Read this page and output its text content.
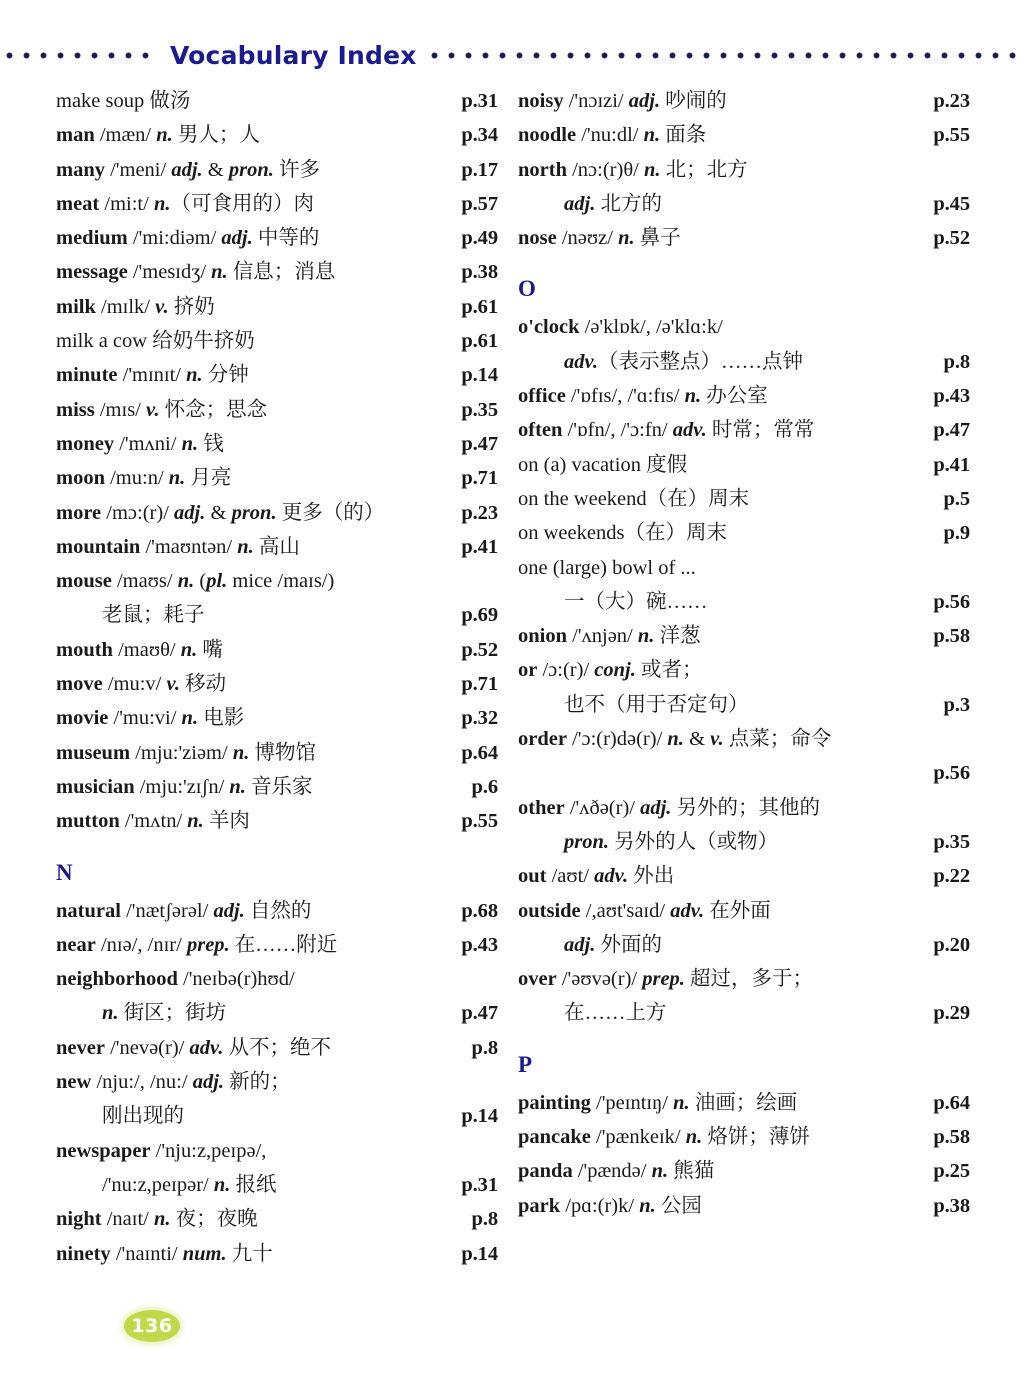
Vocabulary Index
make soup 做汤	p.31
man /mæn/ n. 男人；人	p.34
many /'meni/ adj. & pron. 许多	p.17
meat /mi:t/ n.（可食用的）肉	p.57
medium /'mi:diəm/ adj. 中等的	p.49
message /'mesɪdʒ/ n. 信息；消息	p.38
milk /mɪlk/ v. 挤奶	p.61
milk a cow 给奶牛挤奶	p.61
minute /'mɪnɪt/ n. 分钟	p.14
miss /mɪs/ v. 怀念；思念	p.35
money /'mʌni/ n. 钱	p.47
moon /mu:n/ n. 月亮	p.71
more /mɔ:(r)/ adj. & pron. 更多（的）	p.23
mountain /'maʊntən/ n. 高山	p.41
mouse /maʊs/ n. (pl. mice /maɪs/)
老鼠；耗子	p.69
mouth /maʊθ/ n. 嘴	p.52
move /mu:v/ v. 移动	p.71
movie /'mu:vi/ n. 电影	p.32
museum /mju:'ziəm/ n. 博物馆	p.64
musician /mju:'zɪʃn/ n. 音乐家	p.6
mutton /'mʌtn/ n. 羊肉	p.55
N
natural /'nætʃərəl/ adj. 自然的	p.68
near /nɪə/, /nɪr/ prep. 在……附近	p.43
neighborhood /'neɪbə(r)hʊd/
n. 街区；街坊	p.47
never /'nevə(r)/ adv. 从不；绝不	p.8
new /nju:/, /nu:/ adj. 新的；
刚出现的	p.14
newspaper /'nju:z,peɪpə/,
/'nu:z,peɪpər/ n. 报纸	p.31
night /naɪt/ n. 夜；夜晚	p.8
ninety /'naɪnti/ num. 九十	p.14
noisy /'nɔɪzi/ adj. 吵闹的	p.23
noodle /'nu:dl/ n. 面条	p.55
north /nɔ:(r)θ/ n. 北；北方
adj. 北方的	p.45
nose /nəʊz/ n. 鼻子	p.52
O
o'clock /ə'klɒk/, /ə'klɑ:k/
adv.（表示整点）……点钟	p.8
office /'ɒfɪs/, /'ɑ:fɪs/ n. 办公室	p.43
often /'ɒfn/, /'ɔ:fn/ adv. 时常；常常	p.47
on (a) vacation 度假	p.41
on the weekend（在）周末	p.5
on weekends（在）周末	p.9
one (large) bowl of ...
一（大）碗……	p.56
onion /'ʌnjən/ n. 洋葱	p.58
or /ɔ:(r)/ conj. 或者；
也不（用于否定句）	p.3
order /'ɔ:(r)də(r)/ n. & v. 点菜；命令
p.56
other /'ʌðə(r)/ adj. 另外的；其他的
pron. 另外的人（或物）	p.35
out /aʊt/ adv. 外出	p.22
outside /,aʊt'saɪd/ adv. 在外面
adj. 外面的	p.20
over /'əʊvə(r)/ prep. 超过，多于；
在……上方	p.29
P
painting /'peɪntɪŋ/ n. 油画；绘画	p.64
pancake /'pænkeɪk/ n. 烙饼；薄饼	p.58
panda /'pændə/ n. 熊猫	p.25
park /pɑ:(r)k/ n. 公园	p.38
136
